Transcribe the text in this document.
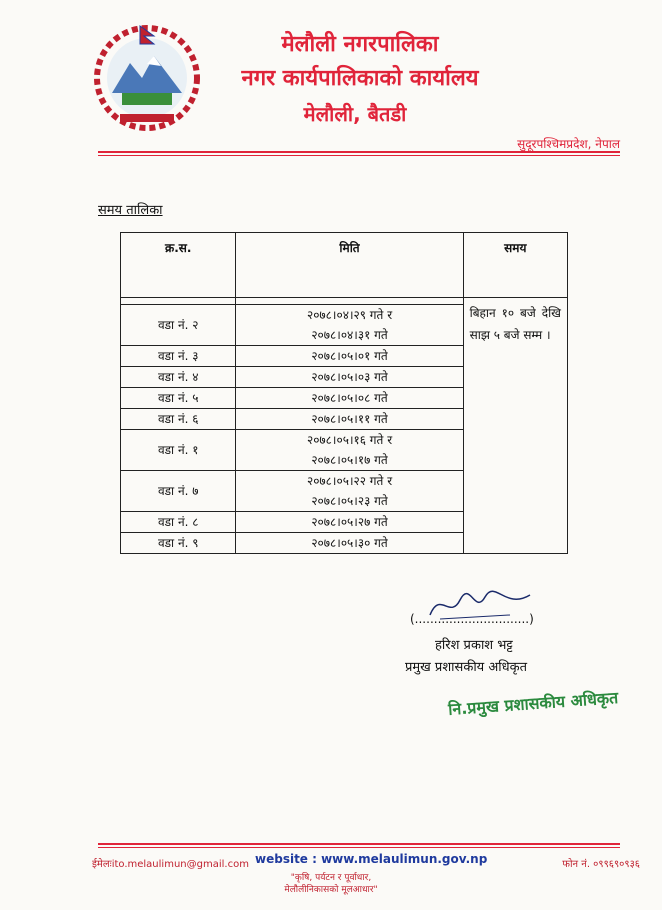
मेलौली नगरपालिका
नगर कार्यपालिकाको कार्यालय
मेलौली, बैतडी
सुदूरपश्चिमप्रदेश, नेपाल
समय तालिका
क्र.स.	मिति	समय
		बिहान १० बजे देखि साझ ५ बजे सम्म ।
वडा नं. २	२०७८।०४।२९ गते र
२०७८।०४।३१ गते	

वडा नं. ३	२०७८।०५।०१ गते	

वडा नं. ४	२०७८।०५।०३ गते	

वडा नं. ५	२०७८।०५।०८ गते	

वडा नं. ६	२०७८।०५।११ गते	

वडा नं. १	२०७८।०५।१६ गते र
२०७८।०५।१७ गते	

वडा नं. ७	२०७८।०५।२२ गते र
२०७८।०५।२३ गते	

वडा नं. ८	२०७८।०५।२७ गते	

वडा नं. ९	२०७८।०५।३० गते	
(..............................)
हरिश प्रकाश भट्ट
प्रमुख प्रशासकीय अधिकृत
नि.प्रमुख प्रशासकीय अधिकृत
ईमेलःito.melaulimun@gmail.com website : www.melaulimun.gov.np	फोन नं. ०९९६९०९३६
"कृषि, पर्यटन र पूर्वाधार,
मेलौलीनिकासको मूलआधार"
